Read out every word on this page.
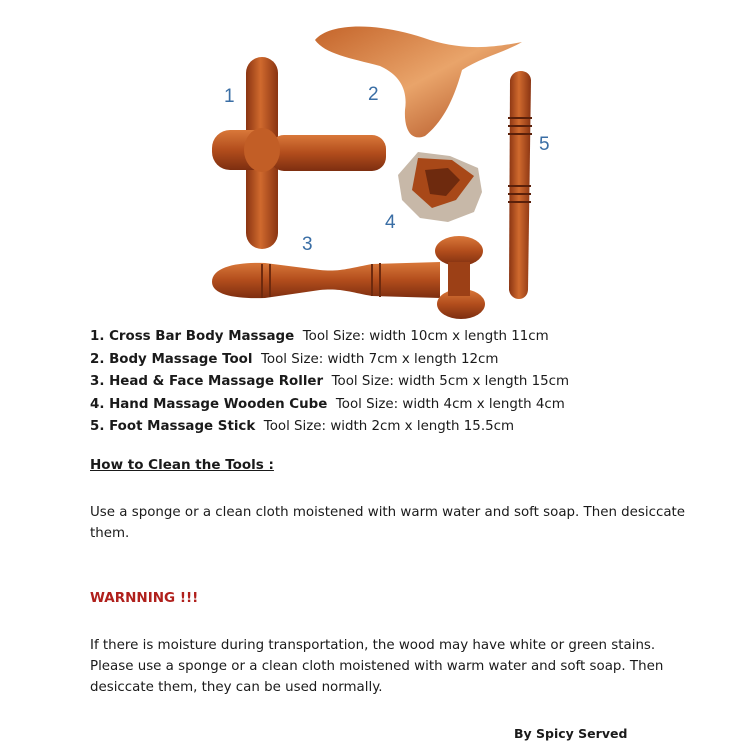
1	2
3
4
5
1. Cross Bar Body Massage Tool Size: width 10cm x length 11cm
2. Body Massage Tool Tool Size: width 7cm x length 12cm
3. Head & Face Massage Roller Tool Size: width 5cm x length 15cm
4. Hand Massage Wooden Cube Tool Size: width 4cm x length 4cm
5. Foot Massage Stick Tool Size: width 2cm x length 15.5cm
How to Clean the Tools :
Use a sponge or a clean cloth moistened with warm water and soft soap. Then desiccate them.
WARNNING !!!
If there is moisture during transportation, the wood may have white or green stains. Please use a sponge or a clean cloth moistened with warm water and soft soap. Then desiccate them, they can be used normally.
By Spicy Served
